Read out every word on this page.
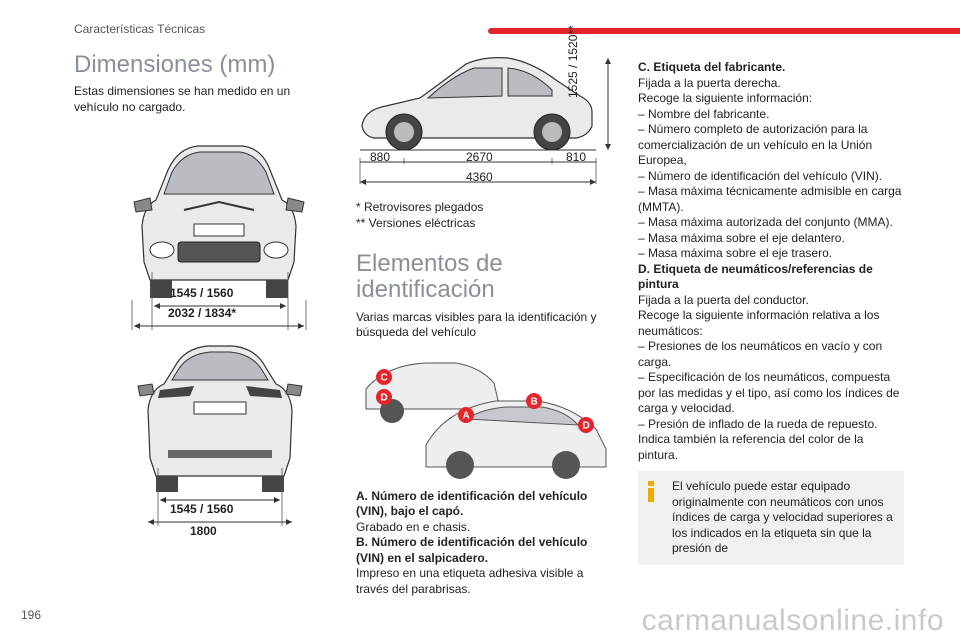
Características Técnicas
Dimensiones (mm)

Estas dimensiones se han medido en un vehículo no cargado.

1545 / 1560
2032 / 1834*
1545 / 1560
1800
1525 / 1520**
880	2670	810
4360
* Retrovisores plegados
** Versiones eléctricas
Elementos de identificación

Varias marcas visibles para la identificación y búsqueda del vehículo

C
D	B
A
D

A. Número de identificación del vehículo (VIN), bajo el capó.

Grabado en e chasis.

B. Número de identificación del vehículo (VIN) en el salpicadero.

Impreso en una etiqueta adhesiva visible a través del parabrisas.

C. Etiqueta del fabricante.

Fijada a la puerta derecha.

Recoge la siguiente información:

– Nombre del fabricante.

– Número completo de autorización para la comercialización de un vehículo en la Unión Europea,

– Número de identificación del vehículo (VIN).

– Masa máxima técnicamente admisible en carga (MMTA).

– Masa máxima autorizada del conjunto (MMA).

– Masa máxima sobre el eje delantero.

– Masa máxima sobre el eje trasero.

D. Etiqueta de neumáticos/referencias de pintura

Fijada a la puerta del conductor.

Recoge la siguiente información relativa a los neumáticos:

– Presiones de los neumáticos en vacío y con carga.

– Especificación de los neumáticos, compuesta por las medidas y el tipo, así como los índices de carga y velocidad.

– Presión de inflado de la rueda de repuesto.

Indica también la referencia del color de la pintura.

El vehículo puede estar equipado originalmente con neumáticos con unos índices de carga y velocidad superiores a los indicados en la etiqueta sin que la presión de
196	carmanualsonline.info
